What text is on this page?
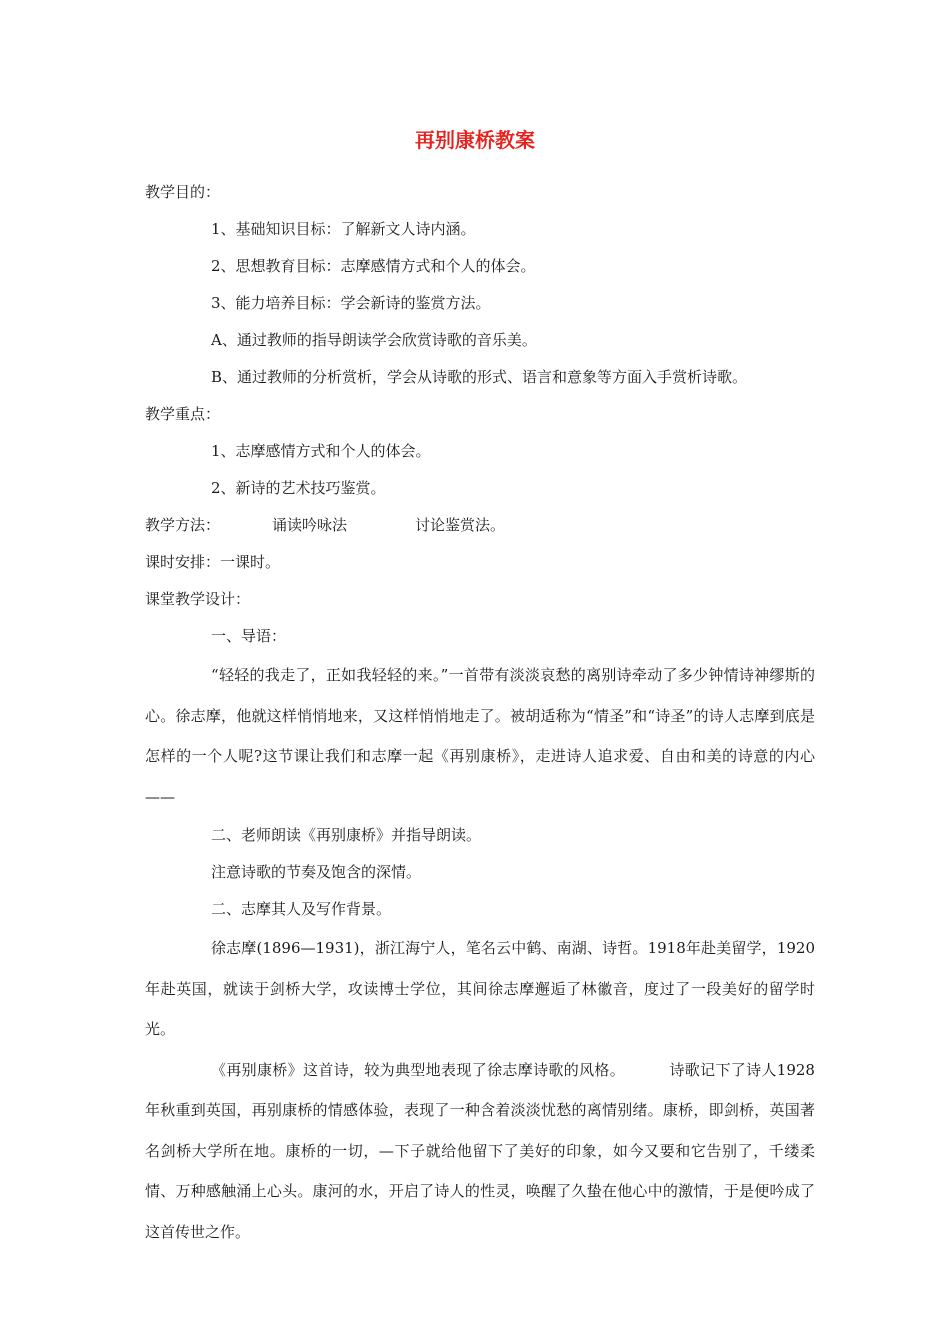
再别康桥教案

教学目的：

1、基础知识目标：了解新文人诗内涵。

2、思想教育目标：志摩感情方式和个人的体会。

3、能力培养目标：学会新诗的鉴赏方法。

A、通过教师的指导朗读学会欣赏诗歌的音乐美。

B、通过教师的分析赏析，学会从诗歌的形式、语言和意象等方面入手赏析诗歌。

教学重点：

1、志摩感情方式和个人的体会。

2、新诗的艺术技巧鉴赏。

教学方法：	诵读吟咏法	讨论鉴赏法。

课时安排：一课时。

课堂教学设计：

一、导语：

“轻轻的我走了，正如我轻轻的来。”一首带有淡淡哀愁的离别诗牵动了多少钟情诗神缪斯的心。徐志摩，他就这样悄悄地来，又这样悄悄地走了。被胡适称为“情圣”和“诗圣”的诗人志摩到底是怎样的一个人呢?这节课让我们和志摩一起《再别康桥》，走进诗人追求爱、自由和美的诗意的内心——

二、老师朗读《再别康桥》并指导朗读。

注意诗歌的节奏及饱含的深情。

二、志摩其人及写作背景。

徐志摩(1896—1931)，浙江海宁人，笔名云中鹤、南湖、诗哲。1918年赴美留学，1920年赴英国，就读于剑桥大学，攻读博士学位，其间徐志摩邂逅了林徽音，度过了一段美好的留学时光。

《再别康桥》这首诗，较为典型地表现了徐志摩诗歌的风格。	诗歌记下了诗人1928年秋重到英国，再别康桥的情感体验，表现了一种含着淡淡忧愁的离情别绪。康桥，即剑桥，英国著名剑桥大学所在地。康桥的一切，—下子就给他留下了美好的印象，如今又要和它告别了，千缕柔情、万种感触涌上心头。康河的水，开启了诗人的性灵，唤醒了久蛰在他心中的激情，于是便吟成了这首传世之作。
